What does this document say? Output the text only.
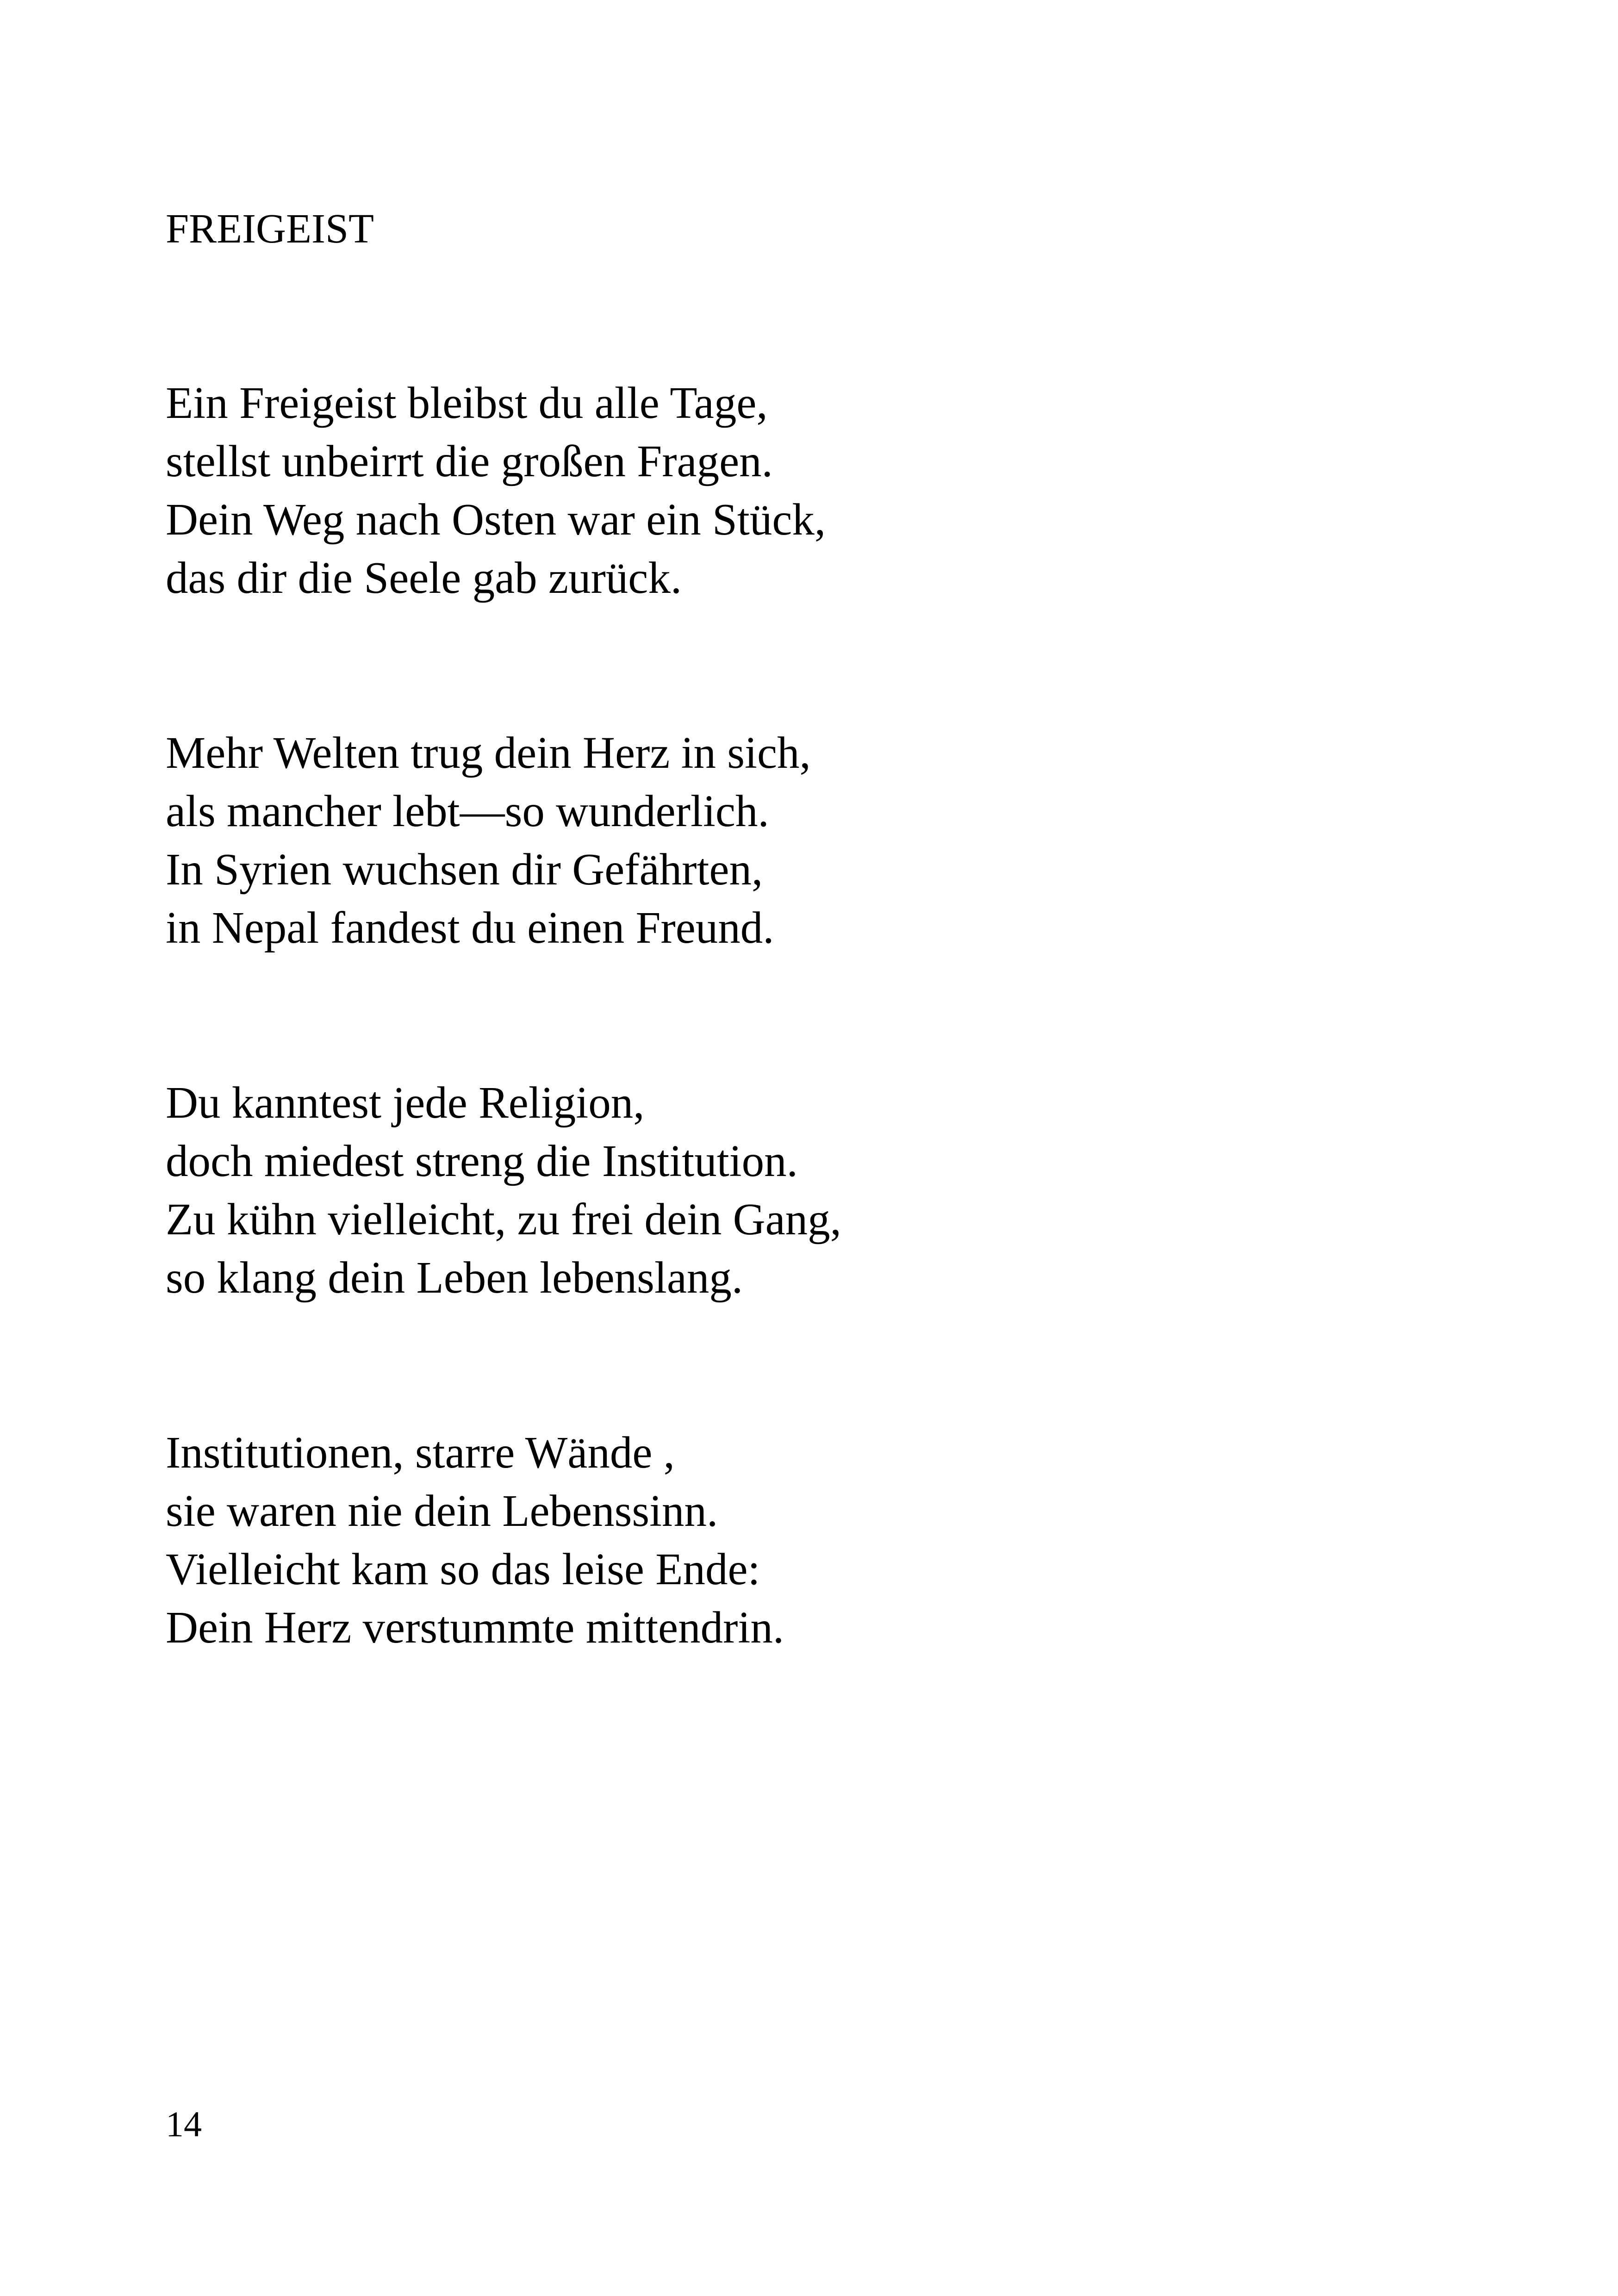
FREIGEIST
Ein Freigeist bleibst du alle Tage,
stellst unbeirrt die großen Fragen.
Dein Weg nach Osten war ein Stück,
das dir die Seele gab zurück.
Mehr Welten trug dein Herz in sich,
als mancher lebt—so wunderlich.
In Syrien wuchsen dir Gefährten,
in Nepal fandest du einen Freund.
Du kanntest jede Religion,
doch miedest streng die Institution.
Zu kühn vielleicht, zu frei dein Gang,
so klang dein Leben lebenslang.
Institutionen, starre Wände ,
sie waren nie dein Lebenssinn.
Vielleicht kam so das leise Ende:
Dein Herz verstummte mittendrin.
14
